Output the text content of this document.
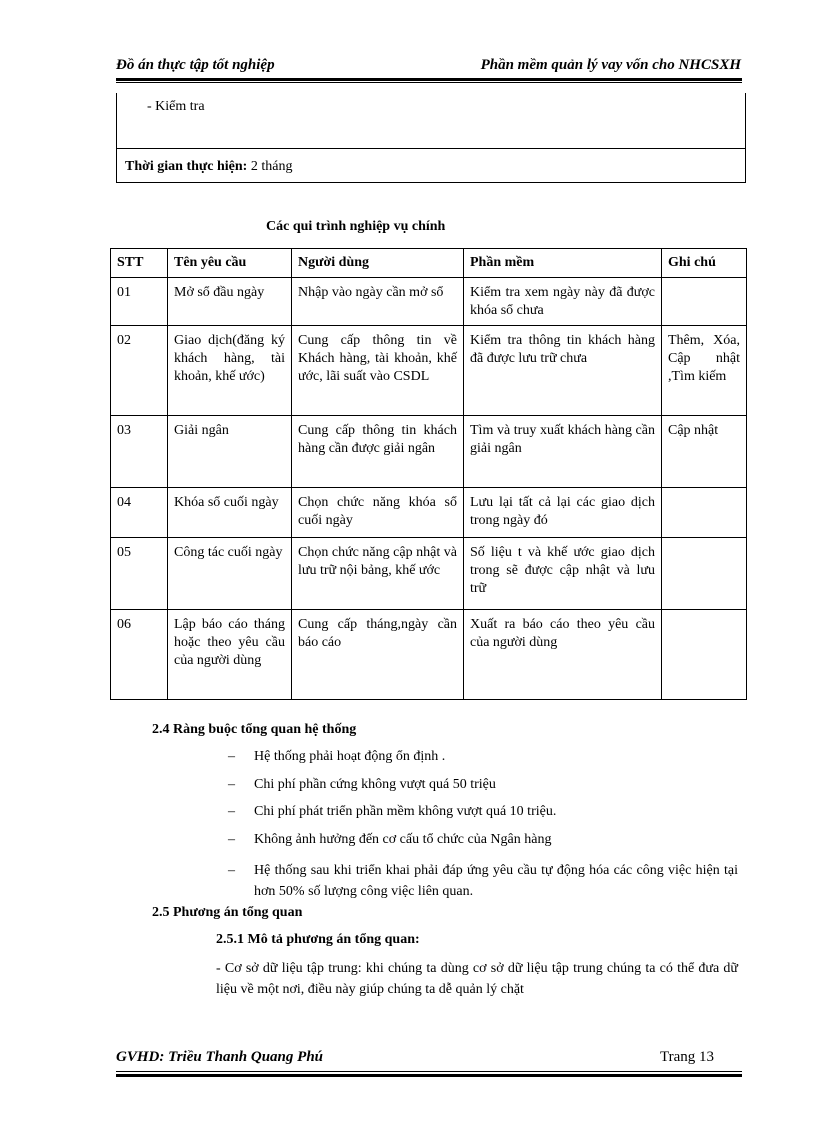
Đồ án thực tập tốt nghiệp	Phần mềm quản lý vay vốn cho NHCSXH
- Kiểm tra
Thời gian thực hiện: 2 tháng
Các qui trình nghiệp vụ chính
STT	Tên yêu cầu	Người dùng	Phần mềm	Ghi chú
01	Mở sổ đầu ngày	Nhập vào ngày cần mở sổ	Kiểm tra xem ngày này đã được khóa sổ chưa	
02	Giao dịch(đăng ký khách hàng, tài khoản, khế ước)	Cung cấp thông tin về Khách hàng, tài khoản, khế ước, lãi suất vào CSDL	Kiểm tra thông tin khách hàng đã được lưu trữ chưa	Thêm, Xóa, Cập nhật ,Tìm kiếm
03	Giải ngân	Cung cấp thông tin khách hàng cần được giải ngân	Tìm và truy xuất khách hàng cần giải ngân	Cập nhật
04	Khóa sổ cuối ngày	Chọn chức năng khóa sổ cuối ngày	Lưu lại tất cả lại các giao dịch trong ngày đó	
05	Công tác cuối ngày	Chọn chức năng cập nhật và lưu trữ nội bảng, khế ước	Số liệu t và khế ước giao dịch trong sẽ được cập nhật và lưu trữ	
06	Lập báo cáo tháng hoặc theo yêu cầu của người dùng	Cung cấp tháng,ngày cần báo cáo	Xuất ra báo cáo theo yêu cầu của người dùng	
2.4 Ràng buộc tổng quan hệ thống
– Hệ thống phải hoạt động ổn định .
– Chi phí phần cứng không vượt quá 50 triệu
– Chi phí phát triển phần mềm không vượt quá 10 triệu.
– Không ảnh hưởng đến cơ cấu tổ chức của Ngân hàng
– Hệ thống sau khi triển khai phải đáp ứng yêu cầu tự động hóa các công việc hiện tại hơn 50% số lượng công việc liên quan.
2.5 Phương án tổng quan
2.5.1 Mô tả phương án tổng quan:
- Cơ sở dữ liệu tập trung: khi chúng ta dùng cơ sở dữ liệu tập trung chúng ta có thể đưa dữ liệu về một nơi, điều này giúp chúng ta dễ quản lý chặt
GVHD: Triều Thanh Quang Phú	Trang 13
